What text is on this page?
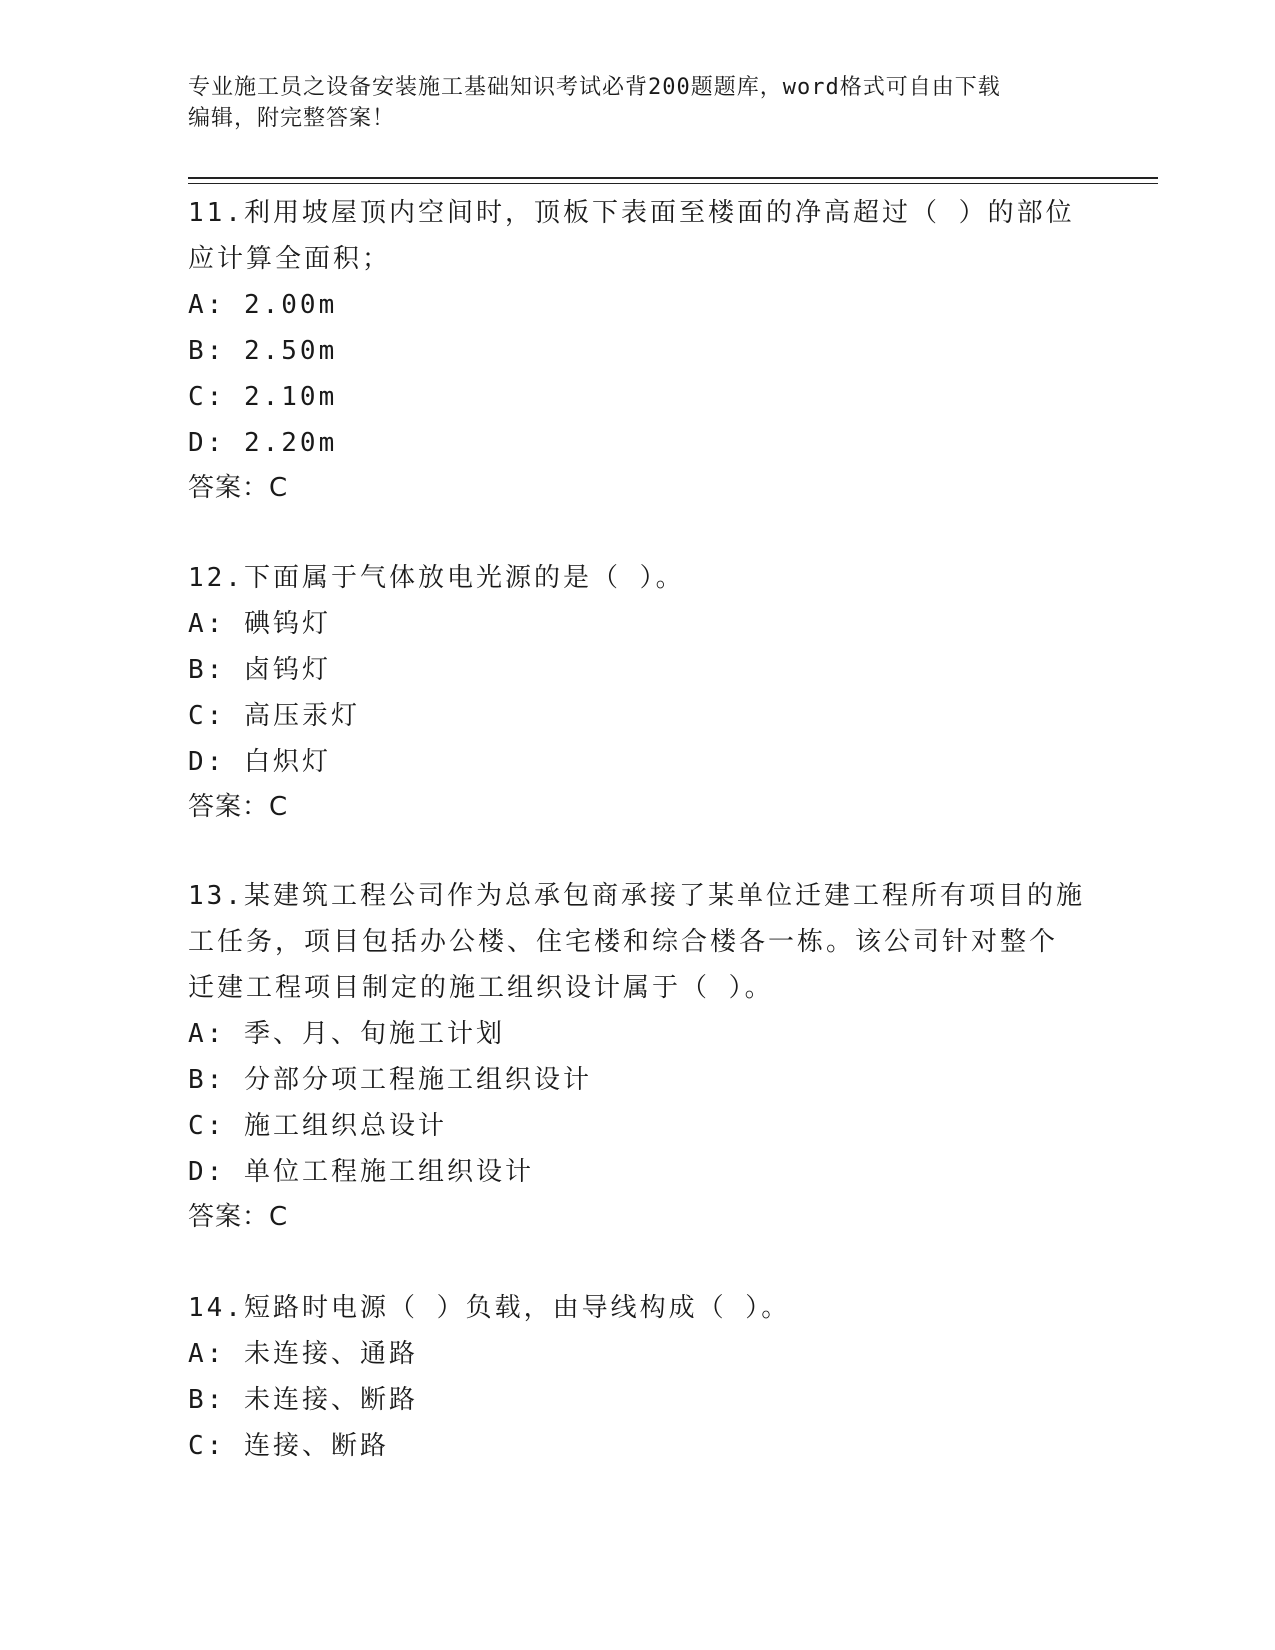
专业施工员之设备安装施工基础知识考试必背200题题库，word格式可自由下载
编辑，附完整答案！

11.利用坡屋顶内空间时，顶板下表面至楼面的净高超过（ ）的部位

应计算全面积；

A: 2.00m

B: 2.50m

C: 2.10m

D: 2.20m

答案：C

12.下面属于气体放电光源的是（ ）。

A: 碘钨灯

B: 卤钨灯

C: 高压汞灯

D: 白炽灯

答案：C

13.某建筑工程公司作为总承包商承接了某单位迁建工程所有项目的施

工任务，项目包括办公楼、住宅楼和综合楼各一栋。该公司针对整个

迁建工程项目制定的施工组织设计属于（ ）。

A: 季、月、旬施工计划

B: 分部分项工程施工组织设计

C: 施工组织总设计

D: 单位工程施工组织设计

答案：C

14.短路时电源（ ）负载，由导线构成（ ）。

A: 未连接、通路

B: 未连接、断路

C: 连接、断路
